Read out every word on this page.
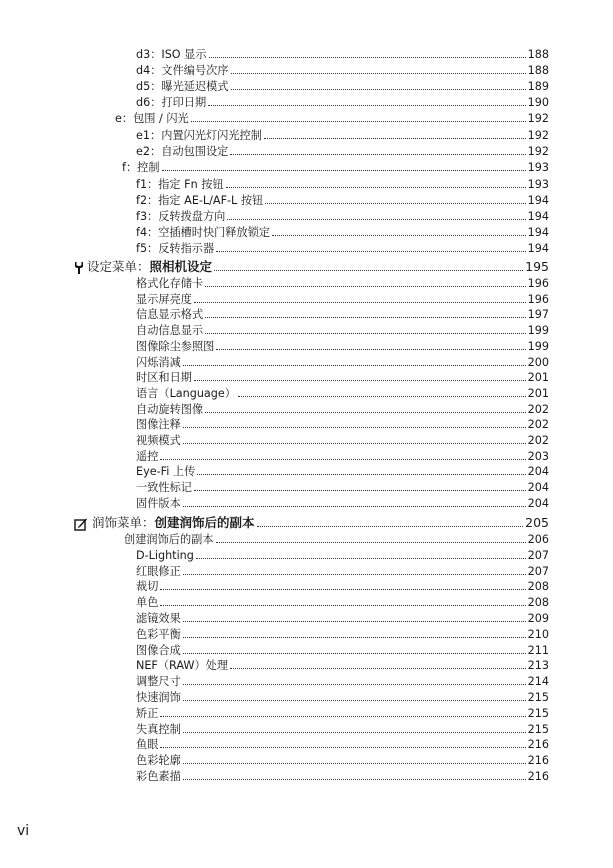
d3：ISO 显示	188
d4：文件编号次序	188
d5：曝光延迟模式	189
d6：打印日期	190
e：包围 / 闪光	192
e1：内置闪光灯闪光控制	192
e2：自动包围设定	192
f：控制	193
f1：指定 Fn 按钮	193
f2：指定 AE-L/AF-L 按钮	194
f3：反转拨盘方向	194
f4：空插槽时快门释放锁定	194
f5：反转指示器	194
设定菜单：照相机设定	195
格式化存储卡	196
显示屏亮度	196
信息显示格式	197
自动信息显示	199
图像除尘参照图	199
闪烁消减	200
时区和日期	201
语言（Language）	201
自动旋转图像	202
图像注释	202
视频模式	202
遥控	203
Eye-Fi 上传	204
一致性标记	204
固件版本	204
润饰菜单：创建润饰后的副本	205
创建润饰后的副本	206
D-Lighting	207
红眼修正	207
裁切	208
单色	208
滤镜效果	209
色彩平衡	210
图像合成	211
NEF（RAW）处理	213
调整尺寸	214
快速润饰	215
矫正	215
失真控制	215
鱼眼	216
色彩轮廓	216
彩色素描	216
vi
